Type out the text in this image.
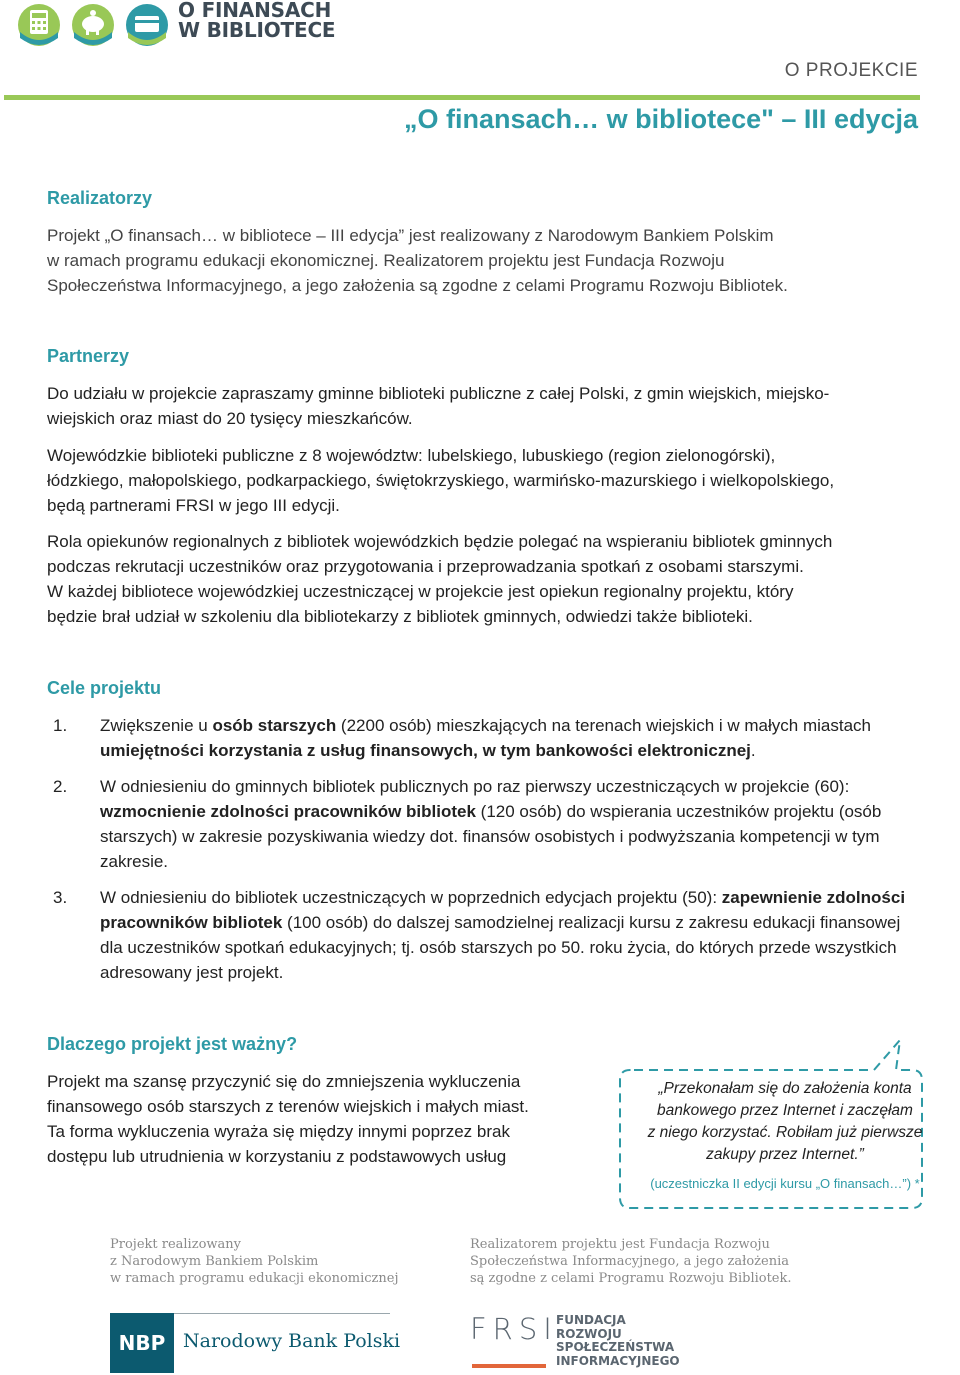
O FINANSACH
W BIBLIOTECE
O PROJEKCIE
„O finansach… w bibliotece" – III edycja
Realizatorzy
Projekt „O finansach… w bibliotece – III edycja” jest realizowany z Narodowym Bankiem Polskim
w ramach programu edukacji ekonomicznej. Realizatorem projektu jest Fundacja Rozwoju
Społeczeństwa Informacyjnego, a jego założenia są zgodne z celami Programu Rozwoju Bibliotek.
Partnerzy
Do udziału w projekcie zapraszamy gminne biblioteki publiczne z całej Polski, z gmin wiejskich, miejsko-
wiejskich oraz miast do 20 tysięcy mieszkańców.
Wojewódzkie biblioteki publiczne z 8 województw: lubelskiego, lubuskiego (region zielonogórski),
łódzkiego, małopolskiego, podkarpackiego, świętokrzyskiego, warmińsko-mazurskiego i wielkopolskiego,
będą partnerami FRSI w jego III edycji.
Rola opiekunów regionalnych z bibliotek wojewódzkich będzie polegać na wspieraniu bibliotek gminnych
podczas rekrutacji uczestników oraz przygotowania i przeprowadzania spotkań z osobami starszymi.
W każdej bibliotece wojewódzkiej uczestniczącej w projekcie jest opiekun regionalny projektu, który
będzie brał udział w szkoleniu dla bibliotekarzy z bibliotek gminnych, odwiedzi także biblioteki.
Cele projektu
1. Zwiększenie u osób starszych (2200 osób) mieszkających na terenach wiejskich i w małych miastach umiejętności korzystania z usług finansowych, w tym bankowości elektronicznej.
2. W odniesieniu do gminnych bibliotek publicznych po raz pierwszy uczestniczących w projekcie (60): wzmocnienie zdolności pracowników bibliotek (120 osób) do wspierania uczestników projektu (osób starszych) w zakresie pozyskiwania wiedzy dot. finansów osobistych i podwyższania kompetencji w tym zakresie.
3. W odniesieniu do bibliotek uczestniczących w poprzednich edycjach projektu (50): zapewnienie zdolności pracowników bibliotek (100 osób) do dalszej samodzielnej realizacji kursu z zakresu edukacji finansowej dla uczestników spotkań edukacyjnych; tj. osób starszych po 50. roku życia, do których przede wszystkich adresowany jest projekt.
Dlaczego projekt jest ważny?
Projekt ma szansę przyczynić się do zmniejszenia wykluczenia
finansowego osób starszych z terenów wiejskich i małych miast.
Ta forma wykluczenia wyraża się między innymi poprzez brak
dostępu lub utrudnienia w korzystaniu z podstawowych usług
„Przekonałam się do założenia konta
bankowego przez Internet i zaczęłam
z niego korzystać. Robiłam już pierwsze
zakupy przez Internet.”
(uczestniczka II edycji kursu „O finansach…”) *
Projekt realizowany
z Narodowym Bankiem Polskim
w ramach programu edukacji ekonomicznej
Realizatorem projektu jest Fundacja Rozwoju
Społeczeństwa Informacyjnego, a jego założenia
są zgodne z celami Programu Rozwoju Bibliotek.
NBP Narodowy Bank Polski FRSI
FUNDACJA
ROZWOJU
SPOŁECZEŃSTWA
INFORMACYJNEGO
